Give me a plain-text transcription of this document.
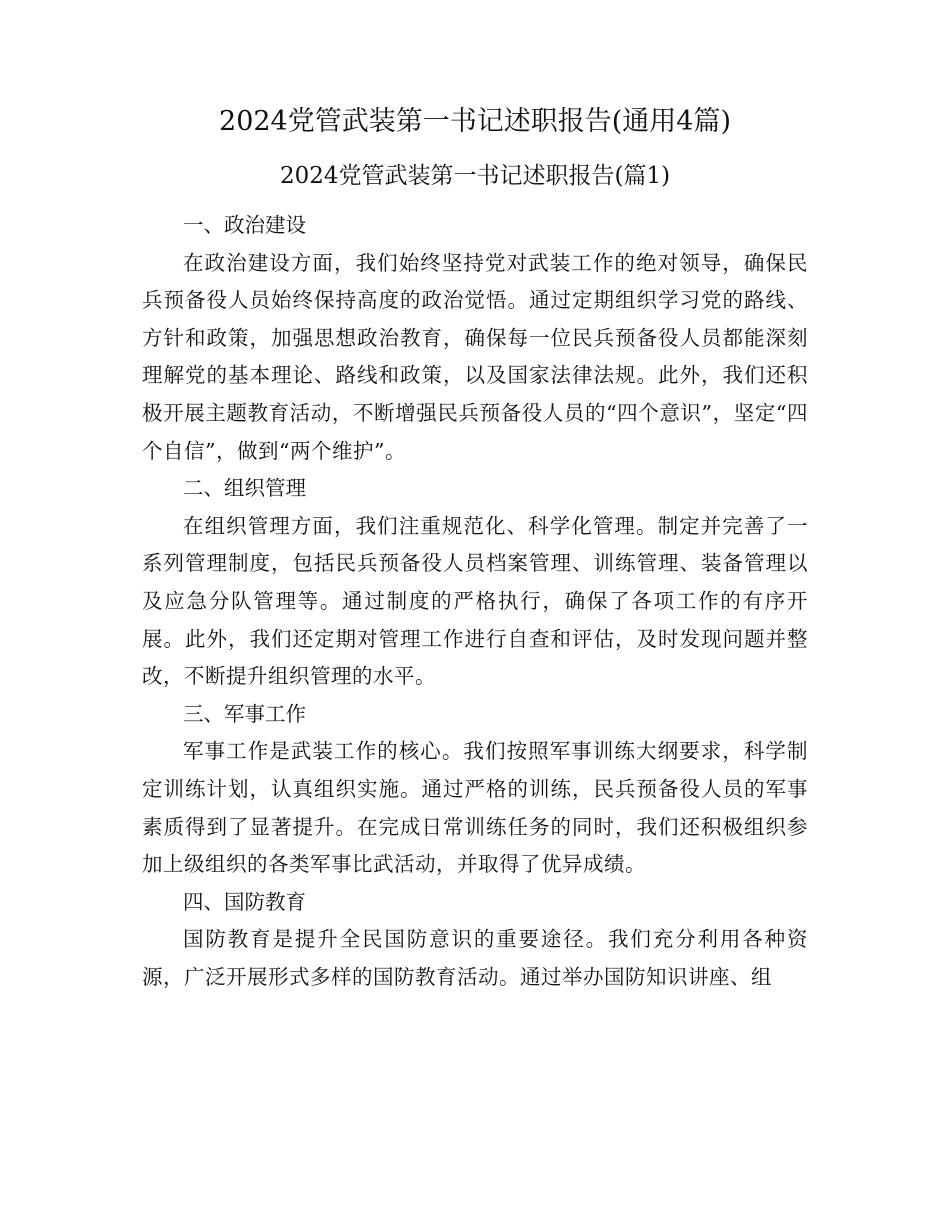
2024党管武装第一书记述职报告(通用4篇)
2024党管武装第一书记述职报告(篇1)

一、政治建设

在政治建设方面，我们始终坚持党对武装工作的绝对领导，确保民兵预备役人员始终保持高度的政治觉悟。通过定期组织学习党的路线、方针和政策，加强思想政治教育，确保每一位民兵预备役人员都能深刻理解党的基本理论、路线和政策，以及国家法律法规。此外，我们还积极开展主题教育活动，不断增强民兵预备役人员的“四个意识”，坚定“四个自信”，做到“两个维护”。

二、组织管理

在组织管理方面，我们注重规范化、科学化管理。制定并完善了一系列管理制度，包括民兵预备役人员档案管理、训练管理、装备管理以及应急分队管理等。通过制度的严格执行，确保了各项工作的有序开展。此外，我们还定期对管理工作进行自查和评估，及时发现问题并整改，不断提升组织管理的水平。

三、军事工作

军事工作是武装工作的核心。我们按照军事训练大纲要求，科学制定训练计划，认真组织实施。通过严格的训练，民兵预备役人员的军事素质得到了显著提升。在完成日常训练任务的同时，我们还积极组织参加上级组织的各类军事比武活动，并取得了优异成绩。

四、国防教育

国防教育是提升全民国防意识的重要途径。我们充分利用各种资源，广泛开展形式多样的国防教育活动。通过举办国防知识讲座、组
